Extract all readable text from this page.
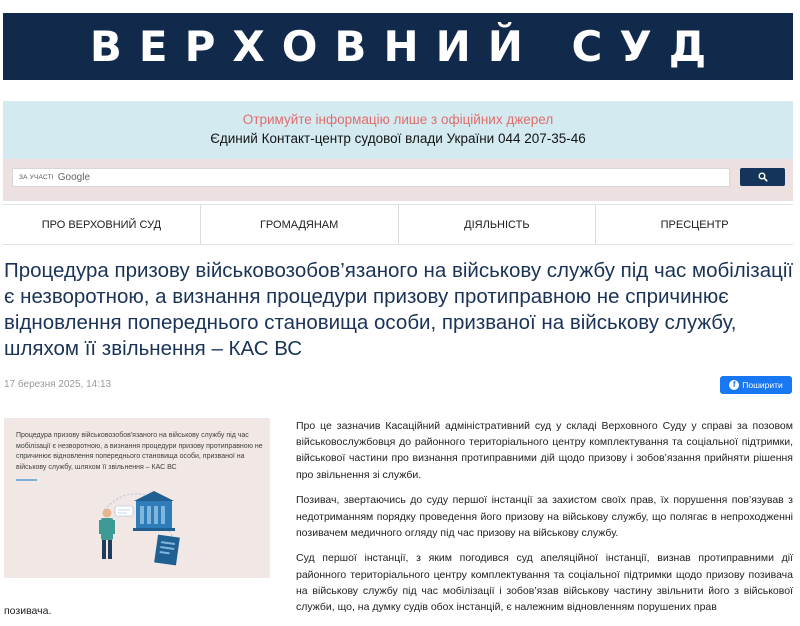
ВЕРХОВНИЙ СУД
Отримуйте інформацію лише з офіційних джерел
Єдиний Контакт-центр судової влади України 044 207-35-46
ЗА УЧАСТІ Google
ПРО ВЕРХОВНИЙ СУД	ГРОМАДЯНАМ	ДІЯЛЬНІСТЬ	ПРЕСЦЕНТР
Процедура призову військовозобов’язаного на військову службу під час мобілізації є незворотною, а визнання процедури призову протиправною не спричинює відновлення попереднього становища особи, призваної на військову службу, шляхом її звільнення – КАС ВС
17 березня 2025, 14:13	f Поширити
Процедура призову військовозобов'язаного на військову службу під час мобілізації є незворотною, а визнання процедури призову протиправною не спричинює відновлення попереднього становища особи, призваної на військову службу, шляхом її звільнення – КАС ВС

Про це зазначив Касаційний адміністративний суд у складі Верховного Суду у справі за позовом військовослужбовця до районного територіального центру комплектування та соціальної підтримки, військової частини про визнання протиправними дій щодо призову і зобов’язання прийняти рішення про звільнення зі служби.

Позивач, звертаючись до суду першої інстанції за захистом своїх прав, їх порушення пов’язував з недотриманням порядку проведення його призову на військову службу, що полягає в непроходженні позивачем медичного огляду під час призову на військову службу.

Суд першої інстанції, з яким погодився суд апеляційної інстанції, визнав протиправними дії районного територіального центру комплектування та соціальної підтримки щодо призову позивача на військову службу під час мобілізації і зобов’язав військову частину звільнити його з військової служби, що, на думку судів обох інстанцій, є належним відновленням порушених прав

позивача.
